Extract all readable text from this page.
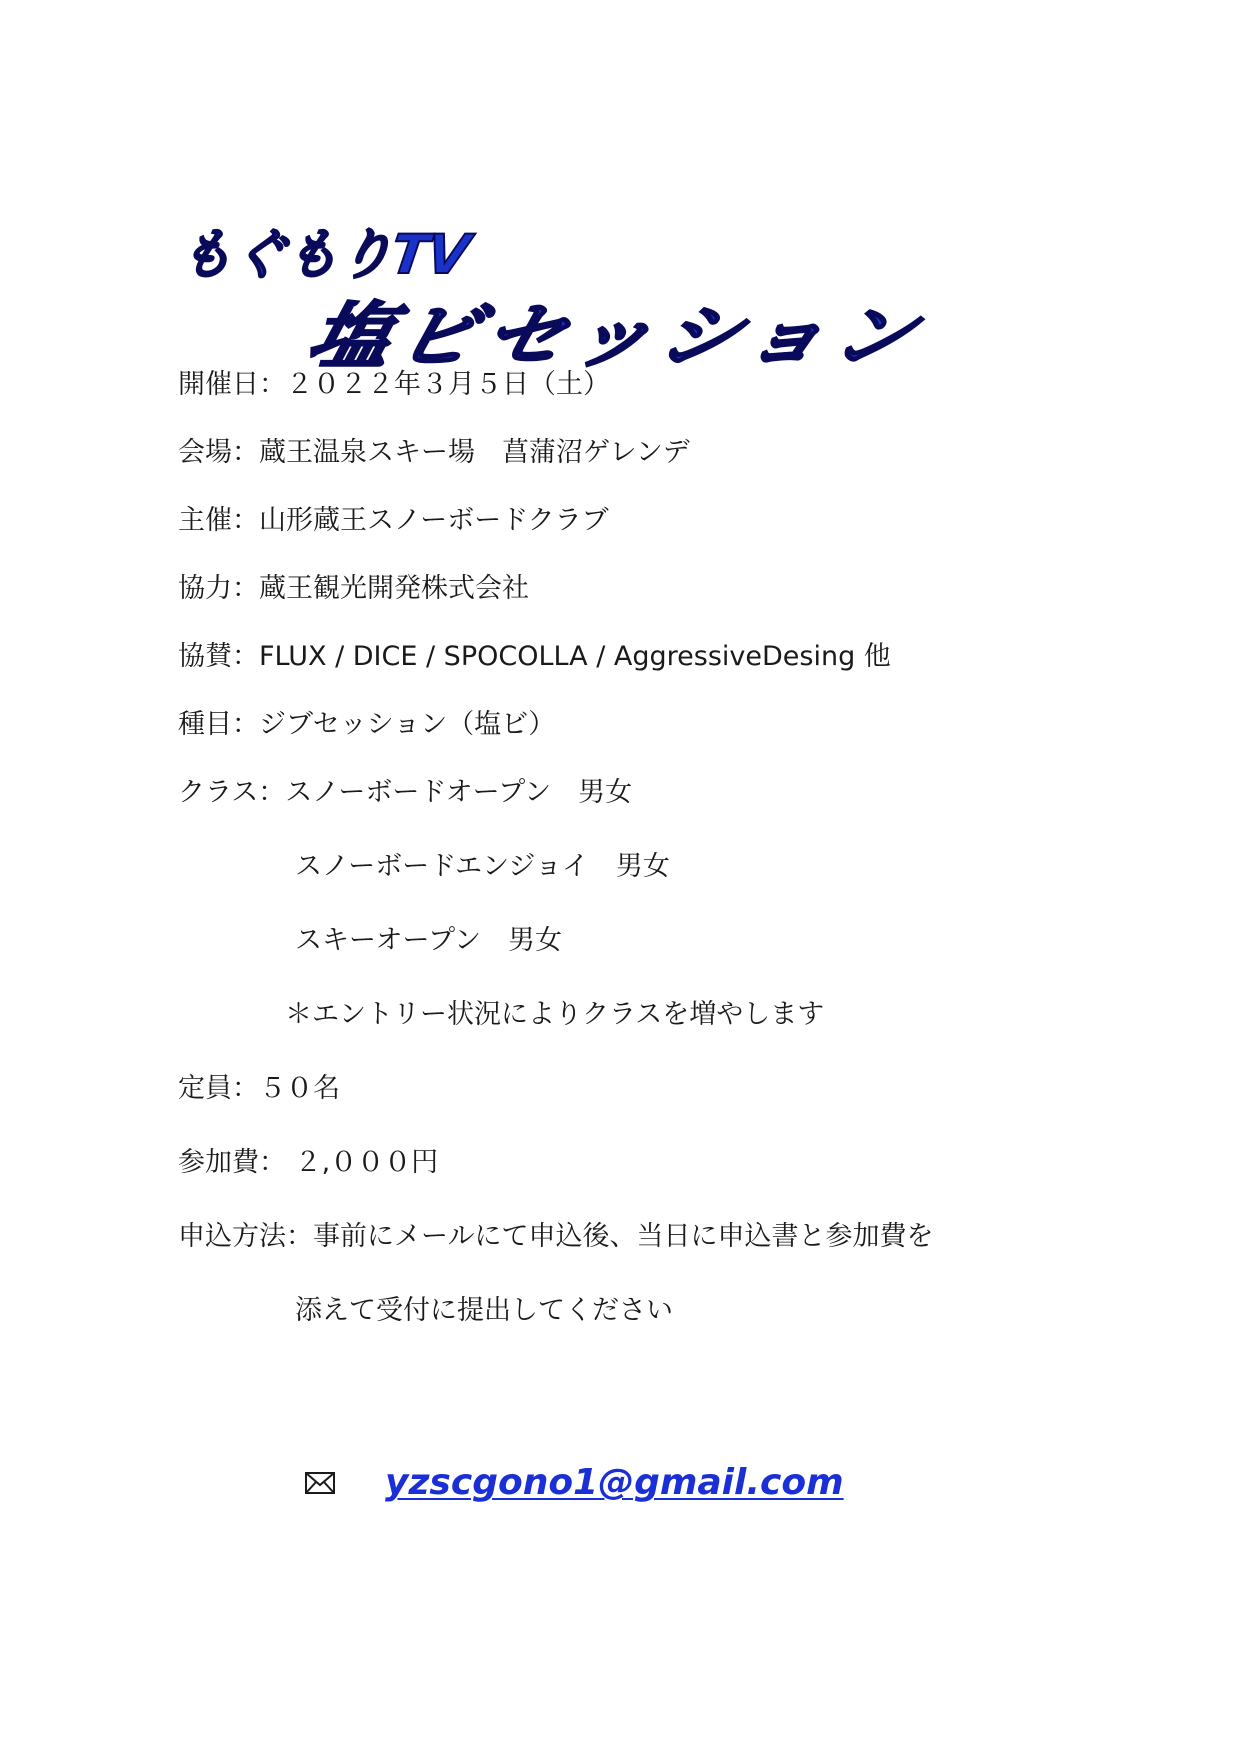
もぐもりTV
塩ビセッション
開催日：２０２２年３月５日（土）
会場：蔵王温泉スキー場　菖蒲沼ゲレンデ
主催：山形蔵王スノーボードクラブ
協力：蔵王観光開発株式会社
協賛：FLUX / DICE / SPOCOLLA / AggressiveDesing 他
種目：ジブセッション（塩ビ）
クラス：スノーボードオープン　男女
スノーボードエンジョイ　男女
スキーオープン　男女
＊エントリー状況によりクラスを増やします
定員：５０名
参加費： ２,０００円
申込方法：事前にメールにて申込後、当日に申込書と参加費を
添えて受付に提出してください
yzscgono1@gmail.com
